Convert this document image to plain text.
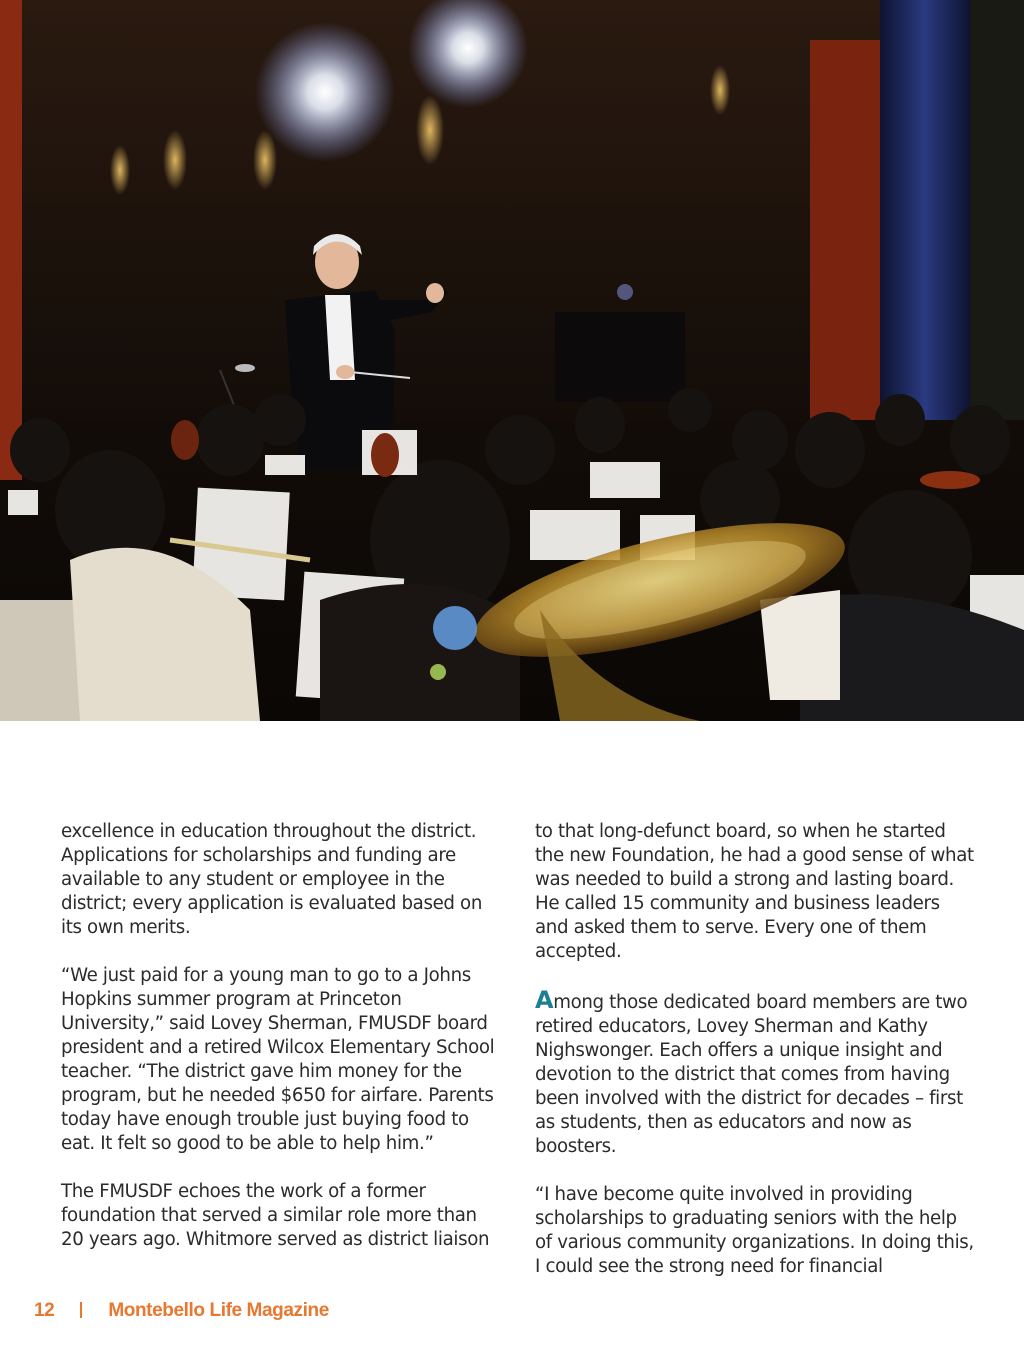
excellence in education throughout the district. Applications for scholarships and funding are available to any student or employee in the district; every application is evaluated based on its own merits.

“We just paid for a young man to go to a Johns Hopkins summer program at Princeton University,” said Lovey Sherman, FMUSDF board president and a retired Wilcox Elementary School teacher. “The district gave him money for the program, but he needed $650 for airfare. Parents today have enough trouble just buying food to eat. It felt so good to be able to help him.”

The FMUSDF echoes the work of a former foundation that served a similar role more than 20 years ago. Whitmore served as district liaison

to that long-defunct board, so when he started the new Foundation, he had a good sense of what was needed to build a strong and lasting board. He called 15 community and business leaders and asked them to serve. Every one of them accepted.

Among those dedicated board members are two retired educators, Lovey Sherman and Kathy Nighswonger. Each offers a unique insight and devotion to the district that comes from having been involved with the district for decades – first as students, then as educators and now as boosters.

“I have become quite involved in providing scholarships to graduating seniors with the help of various community organizations. In doing this, I could see the strong need for financial

12	Montebello Life Magazine
